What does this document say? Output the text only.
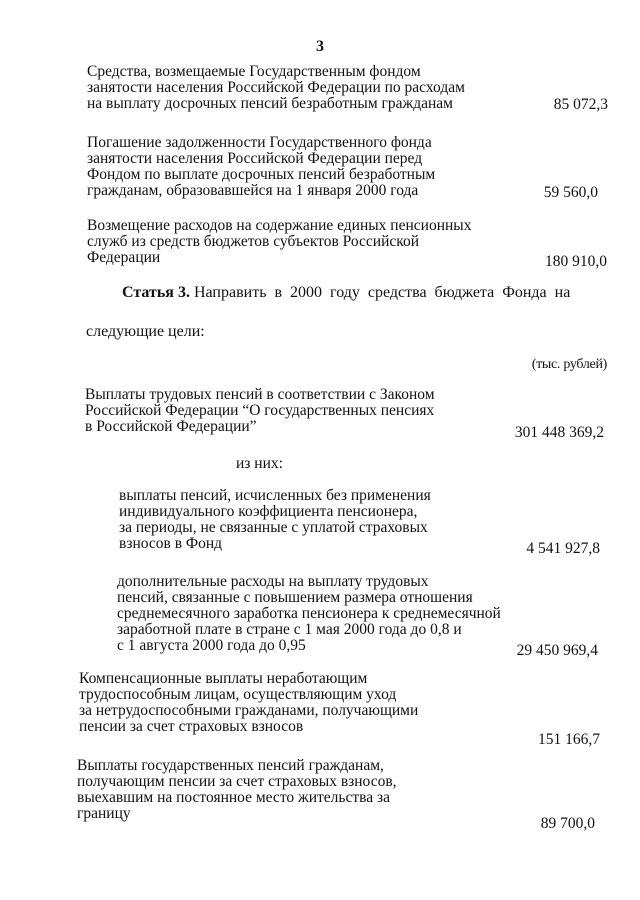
3
Средства, возмещаемые Государственным фондом
занятости населения Российской Федерации по расходам
на выплату досрочных пенсий безработным гражданам	85 072,3
Погашение задолженности Государственного фонда
занятости населения Российской Федерации перед
Фондом по выплате досрочных пенсий безработным
гражданам, образовавшейся на 1 января 2000 года	59 560,0
Возмещение расходов на содержание единых пенсионных
служб из средств бюджетов субъектов Российской
Федерации	180 910,0
Статья 3. Направить в 2000 году средства бюджета Фонда на
следующие цели:
(тыс. рублей)
Выплаты трудовых пенсий в соответствии с Законом
Российской Федерации “О государственных пенсиях
в Российской Федерации”	301 448 369,2
из них:
выплаты пенсий, исчисленных без применения
индивидуального коэффициента пенсионера,
за периоды, не связанные с уплатой страховых
взносов в Фонд	4 541 927,8
дополнительные расходы на выплату трудовых
пенсий, связанные с повышением размера отношения
среднемесячного заработка пенсионера к среднемесячной
заработной плате в стране с 1 мая 2000 года до 0,8 и
с 1 августа 2000 года до 0,95	29 450 969,4
Компенсационные выплаты неработающим
трудоспособным лицам, осуществляющим уход
за нетрудоспособными гражданами, получающими
пенсии за счет страховых взносов
151 166,7
Выплаты государственных пенсий гражданам,
получающим пенсии за счет страховых взносов,
выехавшим на постоянное место жительства за
границу
89 700,0
